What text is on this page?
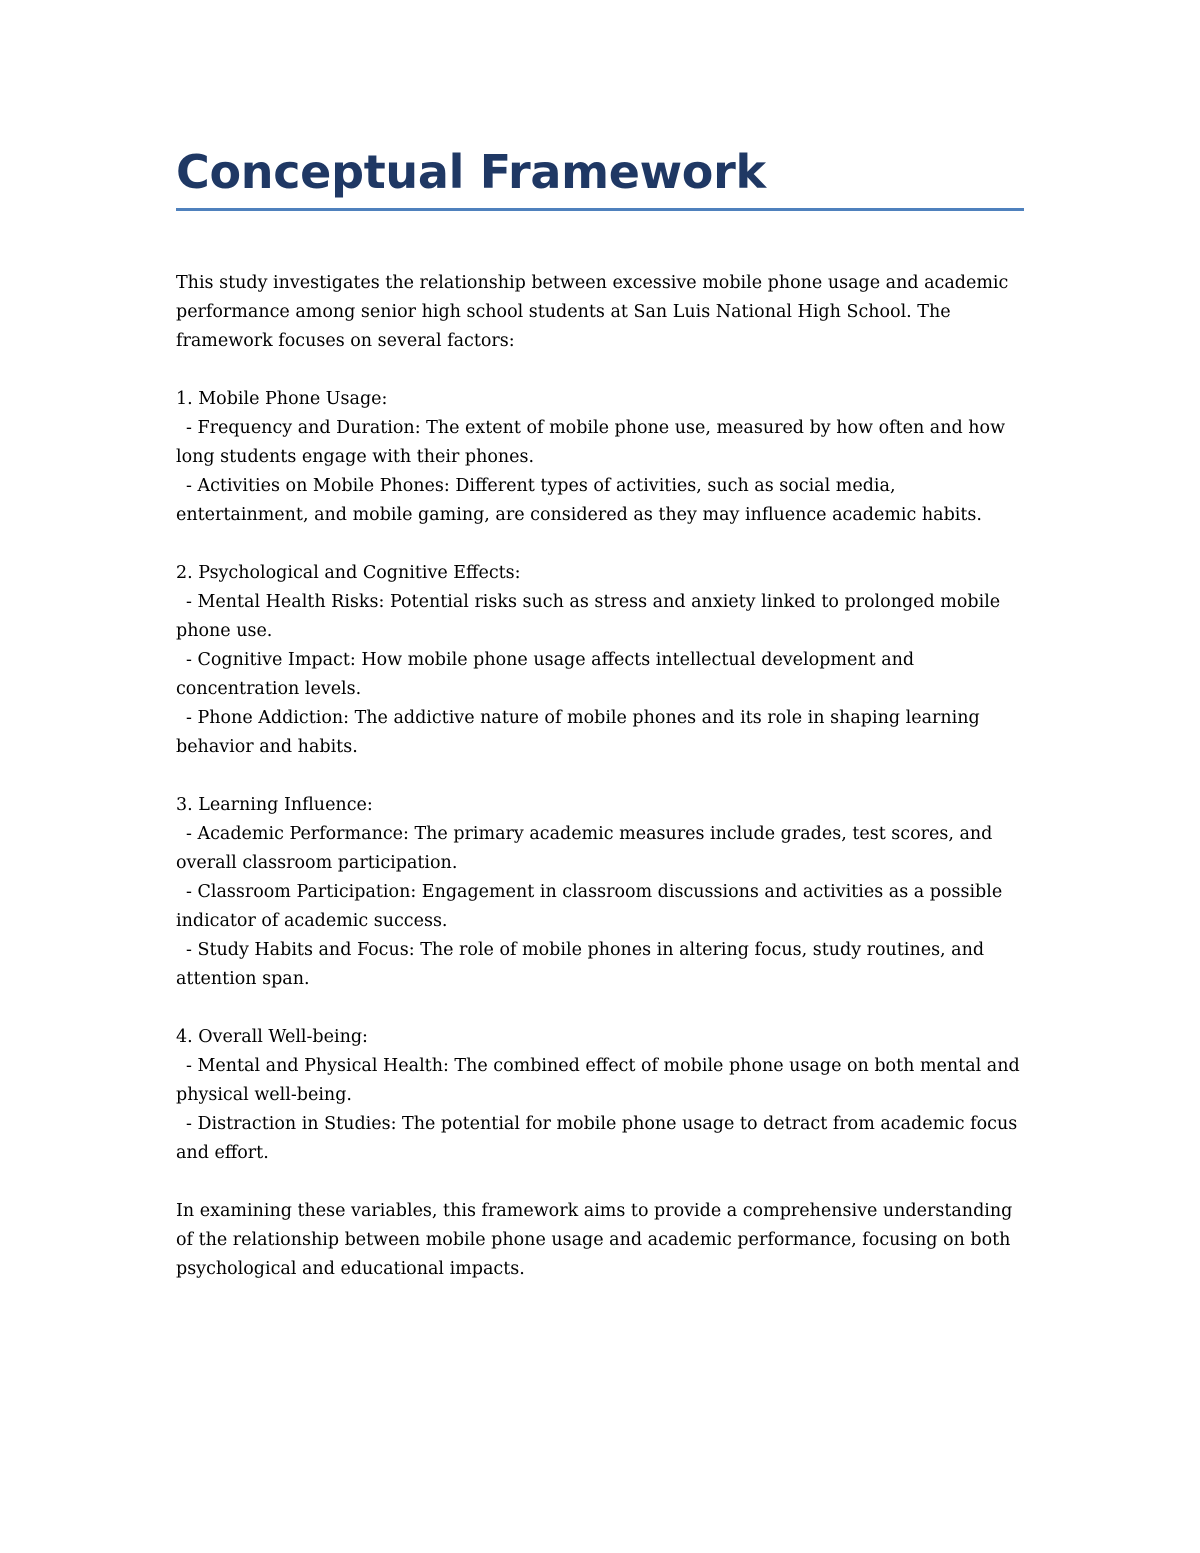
Conceptual Framework

This study investigates the relationship between excessive mobile phone usage and academic performance among senior high school students at San Luis National High School. The framework focuses on several factors:

1. Mobile Phone Usage:

- Frequency and Duration: The extent of mobile phone use, measured by how often and how long students engage with their phones.

- Activities on Mobile Phones: Different types of activities, such as social media, entertainment, and mobile gaming, are considered as they may influence academic habits.

2. Psychological and Cognitive Effects:

- Mental Health Risks: Potential risks such as stress and anxiety linked to prolonged mobile phone use.

- Cognitive Impact: How mobile phone usage affects intellectual development and concentration levels.

- Phone Addiction: The addictive nature of mobile phones and its role in shaping learning behavior and habits.

3. Learning Influence:

- Academic Performance: The primary academic measures include grades, test scores, and overall classroom participation.

- Classroom Participation: Engagement in classroom discussions and activities as a possible indicator of academic success.

- Study Habits and Focus: The role of mobile phones in altering focus, study routines, and attention span.

4. Overall Well-being:

- Mental and Physical Health: The combined effect of mobile phone usage on both mental and physical well-being.

- Distraction in Studies: The potential for mobile phone usage to detract from academic focus and effort.

In examining these variables, this framework aims to provide a comprehensive understanding of the relationship between mobile phone usage and academic performance, focusing on both psychological and educational impacts.
